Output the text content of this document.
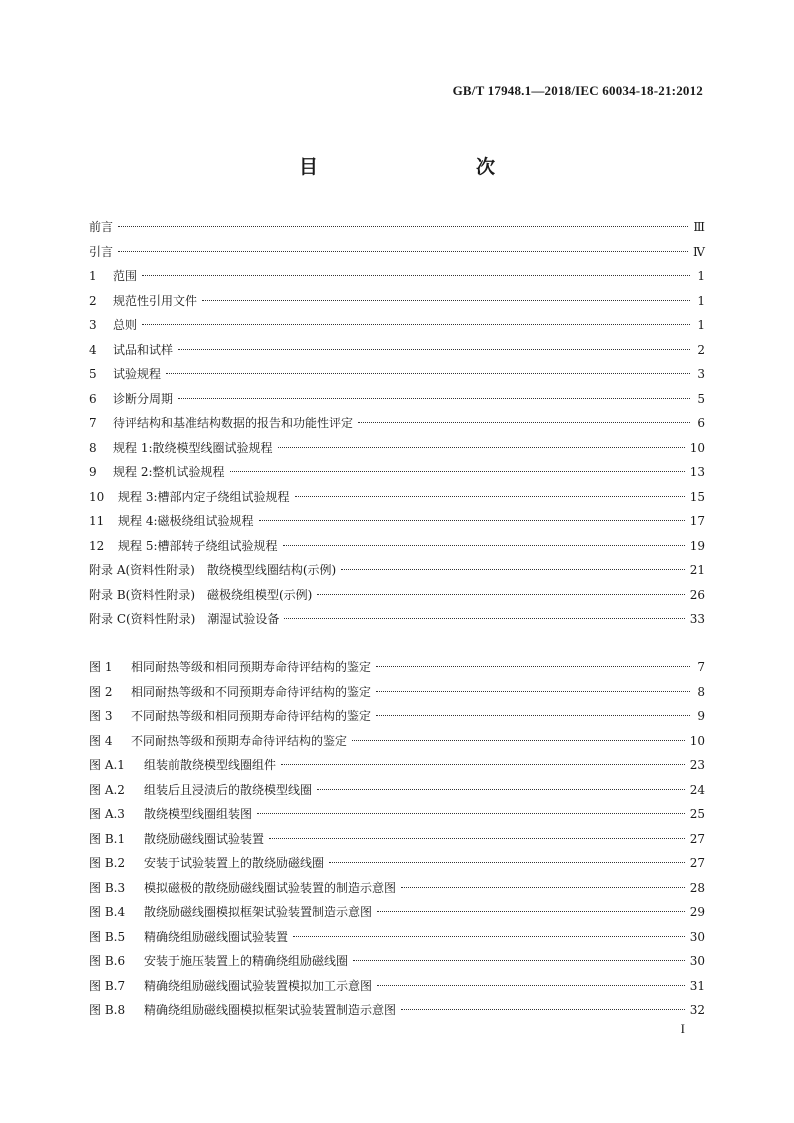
GB/T 17948.1—2018/IEC 60034-18-21:2012
目　　次
前言	Ⅲ
引言	Ⅳ
1	范围	1
2	规范性引用文件	1
3	总则	1
4	试品和试样	2
5	试验规程	3
6	诊断分周期	5
7	待评结构和基准结构数据的报告和功能性评定	6
8	规程 1:散绕模型线圈试验规程	10
9	规程 2:整机试验规程	13
10	规程 3:槽部内定子绕组试验规程	15
11	规程 4:磁极绕组试验规程	17
12	规程 5:槽部转子绕组试验规程	19
附录 A (资料性附录)　散绕模型线圈结构(示例)	21
附录 B (资料性附录)　磁极绕组模型(示例)	26
附录 C (资料性附录)　潮湿试验设备	33
图 1	相同耐热等级和相同预期寿命待评结构的鉴定	7
图 2	相同耐热等级和不同预期寿命待评结构的鉴定	8
图 3	不同耐热等级和相同预期寿命待评结构的鉴定	9
图 4	不同耐热等级和预期寿命待评结构的鉴定	10
图 A.1	组装前散绕模型线圈组件	23
图 A.2	组装后且浸渍后的散绕模型线圈	24
图 A.3	散绕模型线圈组装图	25
图 B.1	散绕励磁线圈试验装置	27
图 B.2	安装于试验装置上的散绕励磁线圈	27
图 B.3	模拟磁极的散绕励磁线圈试验装置的制造示意图	28
图 B.4	散绕励磁线圈模拟框架试验装置制造示意图	29
图 B.5	精确绕组励磁线圈试验装置	30
图 B.6	安装于施压装置上的精确绕组励磁线圈	30
图 B.7	精确绕组励磁线圈试验装置模拟加工示意图	31
图 B.8	精确绕组励磁线圈模拟框架试验装置制造示意图	32
I
